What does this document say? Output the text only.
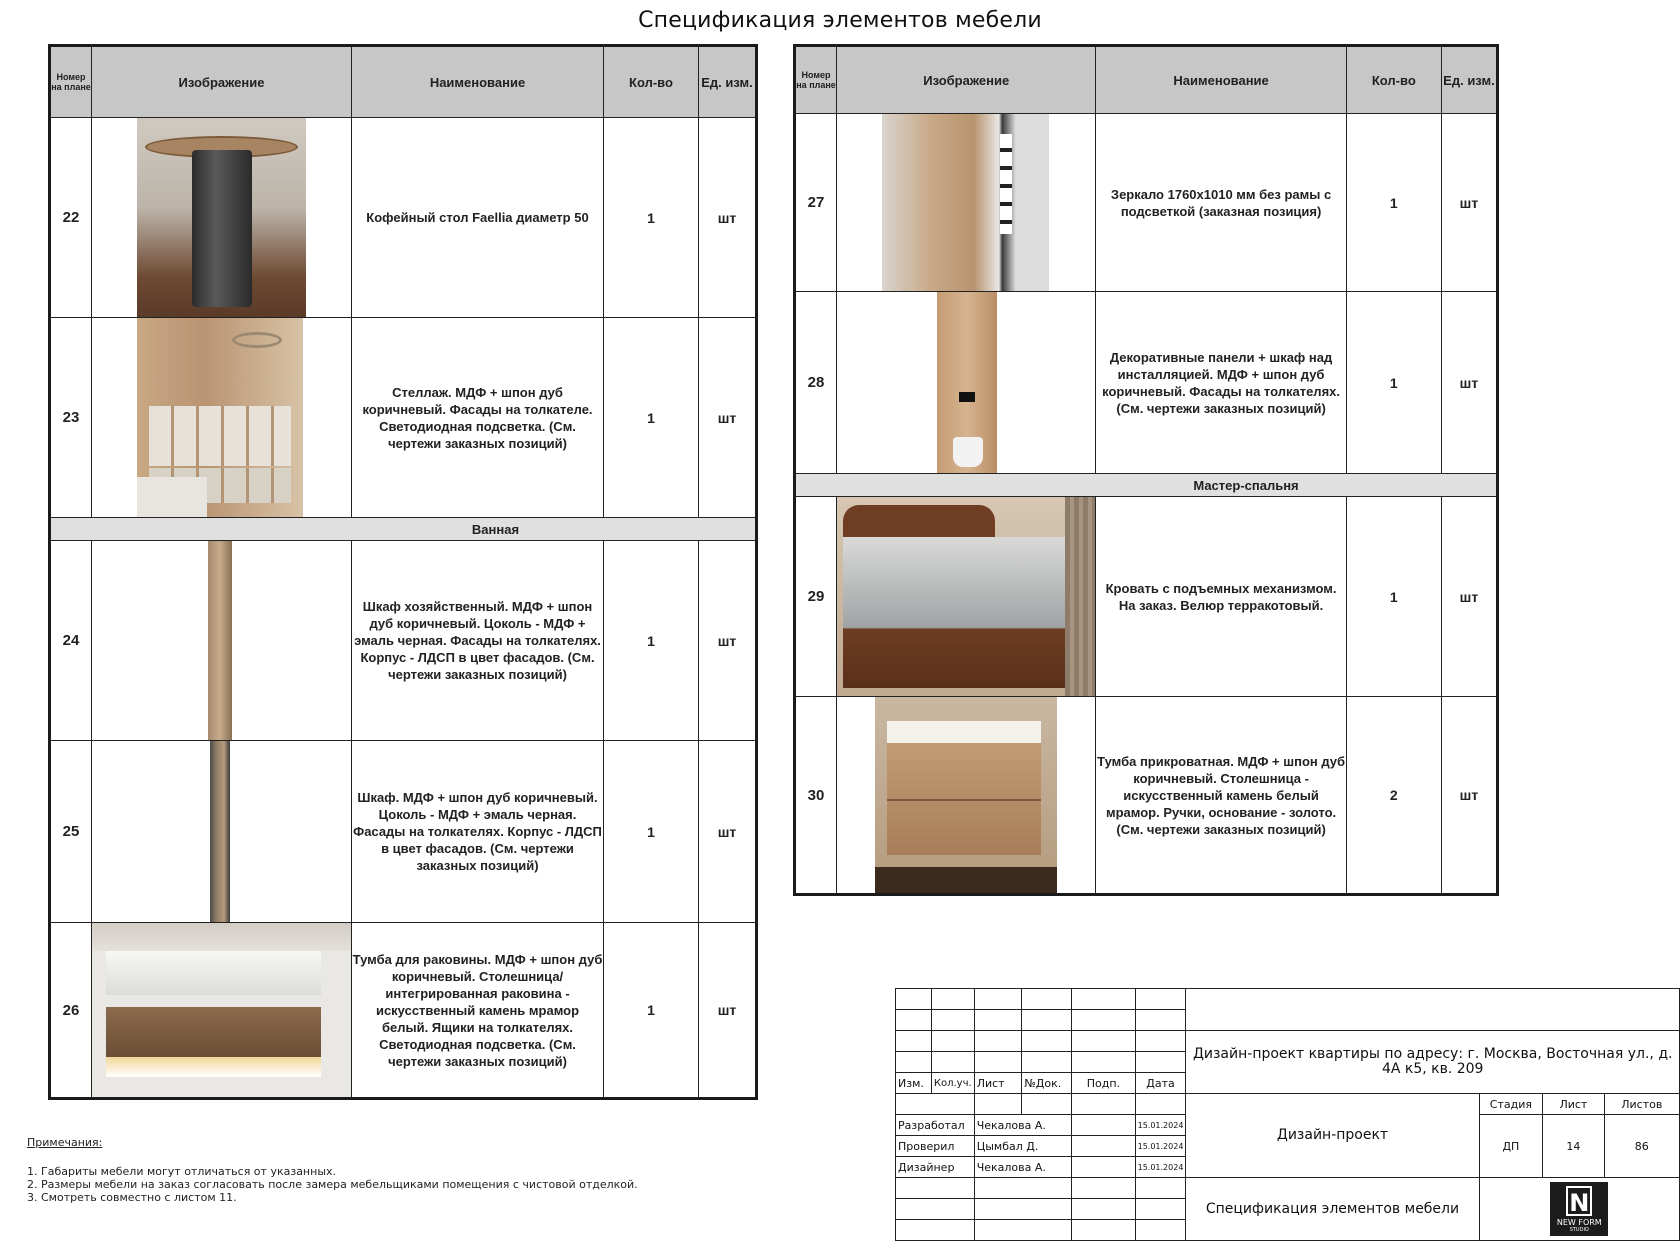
Спецификация элементов мебели
Номер на плане	Изображение	Наименование	Кол-во	Ед. изм.
22		Кофейный стол Faellia диаметр 50	1	шт
23		Стеллаж. МДФ + шпон дуб коричневый. Фасады на толкателе. Светодиодная подсветка. (См. чертежи заказных позиций)	1	шт
Ванная				
24		Шкаф хозяйственный. МДФ + шпон дуб коричневый. Цоколь - МДФ + эмаль черная. Фасады на толкателях. Корпус - ЛДСП в цвет фасадов. (См. чертежи заказных позиций)	1	шт
25		Шкаф. МДФ + шпон дуб коричневый. Цоколь - МДФ + эмаль черная. Фасады на толкателях. Корпус - ЛДСП в цвет фасадов. (См. чертежи заказных позиций)	1	шт
26		Тумба для раковины. МДФ + шпон дуб коричневый. Столешница/интегрированная раковина - искусственный камень мрамор белый. Ящики на толкателях. Светодиодная подсветка. (См. чертежи заказных позиций)	1	шт
Номер на плане	Изображение	Наименование	Кол-во	Ед. изм.
27		Зеркало 1760х1010 мм без рамы с подсветкой (заказная позиция)	1	шт
28		Декоративные панели + шкаф над инсталляцией. МДФ + шпон дуб коричневый. Фасады на толкателях. (См. чертежи заказных позиций)	1	шт
Мастер-спальня				
29		Кровать с подъемных механизмом. На заказ. Велюр терракотовый.	1	шт
30		Тумба прикроватная. МДФ + шпон дуб коричневый. Столешница - искусственный камень белый мрамор. Ручки, основание - золото. (См. чертежи заказных позиций)	2	шт
Примечания:
1. Габариты мебели могут отличаться от указанных.
2. Размеры мебели на заказ согласовать после замера мебельщиками помещения с чистовой отделкой.
3. Смотреть совместно с листом 11.

						Дизайн-проект квартиры по адресу: г. Москва, Восточная ул., д. 4А к5, кв. 209			

Изм.	Кол.уч.	Лист	№Док.	Подп.	Дата				
						Дизайн-проект	Стадия	Лист	Листов
Разработал		Чекалова А.			15.01.2024		ДП	14	86
Проверил		Цымбал Д.			15.01.2024				
Дизайнер		Чекалова А.			15.01.2024				
						Спецификация элементов мебели	N
NEW FORM
STUDIO		
